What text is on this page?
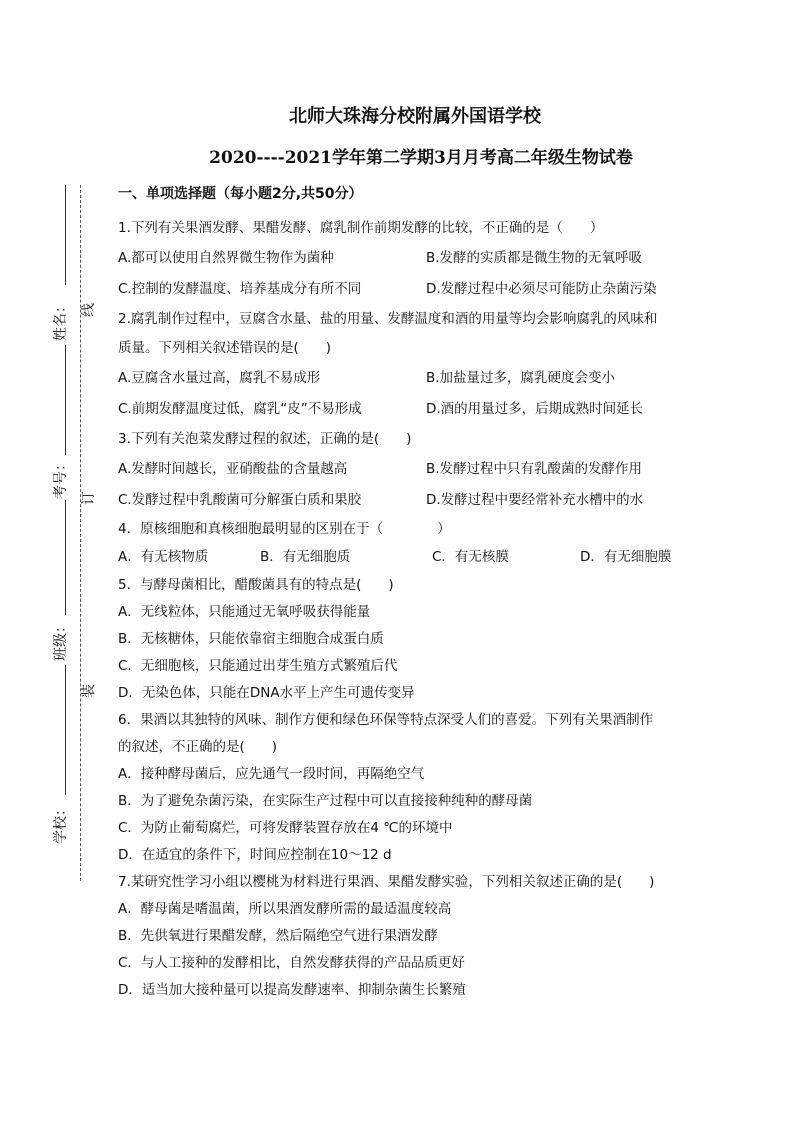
姓名：
考号：
班级：
学校：
线
订
装
北师大珠海分校附属外国语学校
2020----2021学年第二学期3月月考高二年级生物试卷
一、单项选择题（每小题2分,共50分）
1.下列有关果酒发酵、果醋发酵、腐乳制作前期发酵的比较，不正确的是（　　）
A.都可以使用自然界微生物作为菌种	B.发酵的实质都是微生物的无氧呼吸
C.控制的发酵温度、培养基成分有所不同	D.发酵过程中必须尽可能防止杂菌污染
2.腐乳制作过程中，豆腐含水量、盐的用量、发酵温度和酒的用量等均会影响腐乳的风味和
质量。下列相关叙述错误的是(　　)
A.豆腐含水量过高，腐乳不易成形	B.加盐量过多，腐乳硬度会变小
C.前期发酵温度过低，腐乳“皮”不易形成	D.酒的用量过多，后期成熟时间延长
3.下列有关泡菜发酵过程的叙述，正确的是(　　)
A.发酵时间越长，亚硝酸盐的含量越高	B.发酵过程中只有乳酸菌的发酵作用
C.发酵过程中乳酸菌可分解蛋白质和果胶	D.发酵过程中要经常补充水槽中的水
4．原核细胞和真核细胞最明显的区别在于（　　　　）
A．有无核物质	B．有无细胞质	C．有无核膜	D．有无细胞膜
5．与酵母菌相比，醋酸菌具有的特点是(　　)
A．无线粒体，只能通过无氧呼吸获得能量
B．无核糖体，只能依靠宿主细胞合成蛋白质
C．无细胞核，只能通过出芽生殖方式繁殖后代
D．无染色体，只能在DNA水平上产生可遗传变异
6．果酒以其独特的风味、制作方便和绿色环保等特点深受人们的喜爱。下列有关果酒制作
的叙述，不正确的是(　　)
A．接种酵母菌后，应先通气一段时间，再隔绝空气
B．为了避免杂菌污染，在实际生产过程中可以直接接种纯种的酵母菌
C．为防止葡萄腐烂，可将发酵装置存放在4 ℃的环境中
D．在适宜的条件下，时间应控制在10～12 d
7.某研究性学习小组以樱桃为材料进行果酒、果醋发酵实验，下列相关叙述正确的是(　　)
A．酵母菌是嗜温菌，所以果酒发酵所需的最适温度较高
B．先供氧进行果醋发酵，然后隔绝空气进行果酒发酵
C．与人工接种的发酵相比，自然发酵获得的产品品质更好
D．适当加大接种量可以提高发酵速率、抑制杂菌生长繁殖
